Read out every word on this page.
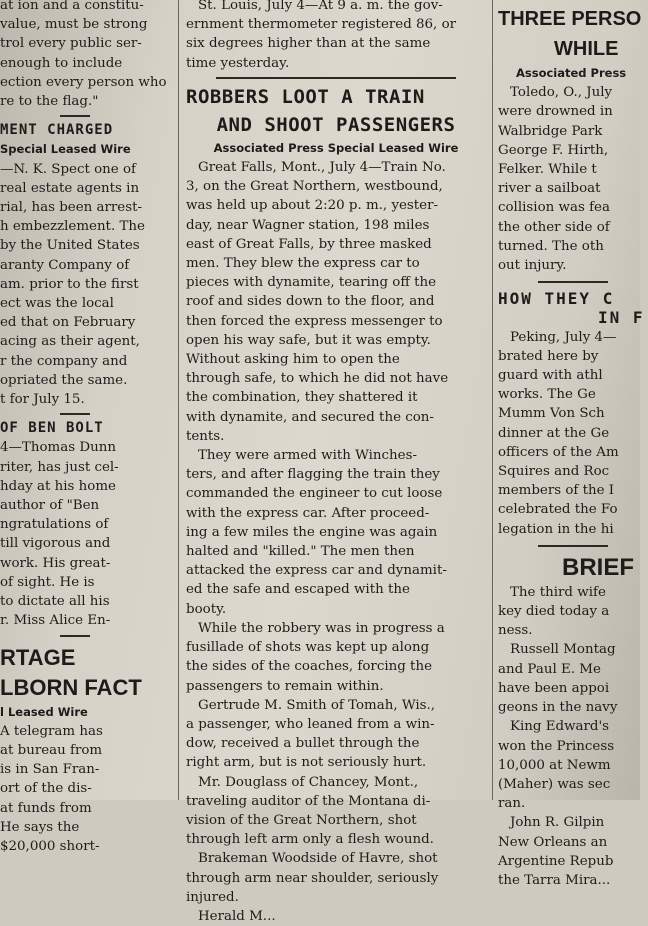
at ion and a constitu-
value, must be strong
trol every public ser-
enough to include
ection every person who
re to the flag."
MENT CHARGED
Special Leased Wire
—N. K. Spect one of
real estate agents in
rial, has been arrest-
h embezzlement. The
by the United States
aranty Company of
am. prior to the first
ect was the local
ed that on February
acing as their agent,
r the company and
opriated the same.
t for July 15.
OF BEN BOLT
4—Thomas Dunn
riter, has just cel-
hday at his home
author of "Ben
ngratulations of
till vigorous and
work. His great-
of sight. He is
to dictate all his
r. Miss Alice En-
RTAGE
LBORN FACT
l Leased Wire
A telegram has
at bureau from
is in San Fran-
ort of the dis-
at funds from
He says the
$20,000 short-
St. Louis, July 4—At 9 a. m. the gov-
ernment thermometer registered 86, or
six degrees higher than at the same
time yesterday.
ROBBERS LOOT A TRAIN
AND SHOOT PASSENGERS
Associated Press Special Leased Wire
Great Falls, Mont., July 4—Train No.
3, on the Great Northern, westbound,
was held up about 2:20 p. m., yester-
day, near Wagner station, 198 miles
east of Great Falls, by three masked
men. They blew the express car to
pieces with dynamite, tearing off the
roof and sides down to the floor, and
then forced the express messenger to
open his way safe, but it was empty.
Without asking him to open the
through safe, to which he did not have
the combination, they shattered it
with dynamite, and secured the con-
tents.
They were armed with Winches-
ters, and after flagging the train they
commanded the engineer to cut loose
with the express car. After proceed-
ing a few miles the engine was again
halted and "killed." The men then
attacked the express car and dynamit-
ed the safe and escaped with the
booty.
While the robbery was in progress a
fusillade of shots was kept up along
the sides of the coaches, forcing the
passengers to remain within.
Gertrude M. Smith of Tomah, Wis.,
a passenger, who leaned from a win-
dow, received a bullet through the
right arm, but is not seriously hurt.
Mr. Douglass of Chancey, Mont.,
traveling auditor of the Montana di-
vision of the Great Northern, shot
through left arm only a flesh wound.
Brakeman Woodside of Havre, shot
through arm near shoulder, seriously
injured.
Herald M...
THREE PERSO
WHILE
Associated Press
Toledo, O., July
were drowned in
Walbridge Park
George F. Hirth,
Felker. While t
river a sailboat
collision was fea
the other side of
turned. The oth
out injury.
HOW THEY C
IN F
Peking, July 4—
brated here by
guard with athl
works. The Ge
Mumm Von Sch
dinner at the Ge
officers of the Am
Squires and Roc
members of the I
celebrated the Fo
legation in the hi
BRIEF
The third wife
key died today a
ness.
Russell Montag
and Paul E. Me
have been appoi
geons in the navy
King Edward's
won the Princess
10,000 at Newm
(Maher) was sec
ran.
John R. Gilpin
New Orleans an
Argentine Repub
the Tarra Mira...
